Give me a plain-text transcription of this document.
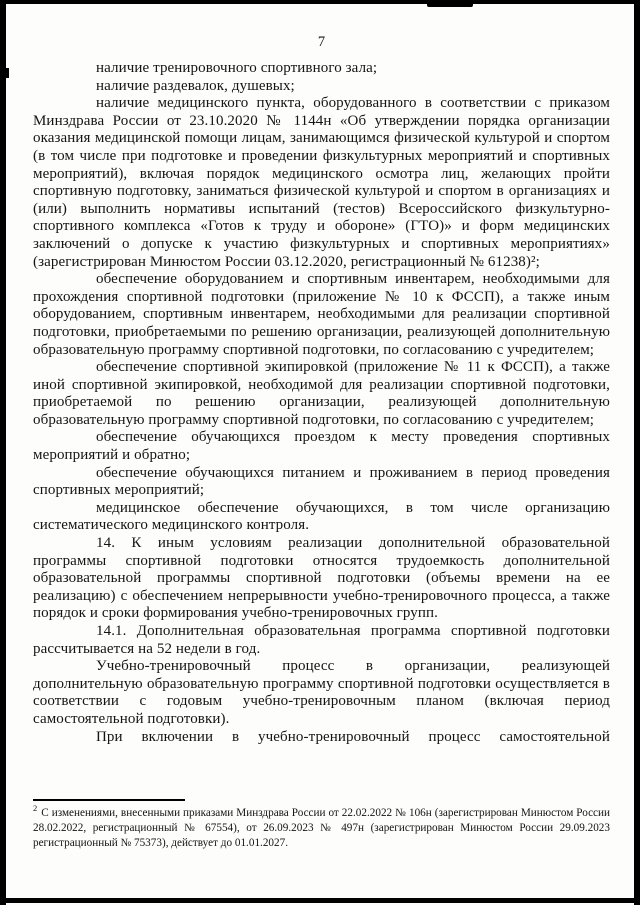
7

наличие тренировочного спортивного зала;

наличие раздевалок, душевых;

наличие медицинского пункта, оборудованного в соответствии с приказом Минздрава России от 23.10.2020 № 1144н «Об утверждении порядка организации оказания медицинской помощи лицам, занимающимся физической культурой и спортом (в том числе при подготовке и проведении физкультурных мероприятий и спортивных мероприятий), включая порядок медицинского осмотра лиц, желающих пройти спортивную подготовку, заниматься физической культурой и спортом в организациях и (или) выполнить нормативы испытаний (тестов) Всероссийского физкультурно-спортивного комплекса «Готов к труду и обороне» (ГТО)» и форм медицинских заключений о допуске к участию физкультурных и спортивных мероприятиях» (зарегистрирован Минюстом России 03.12.2020, регистрационный № 61238)²;

обеспечение оборудованием и спортивным инвентарем, необходимыми для прохождения спортивной подготовки (приложение № 10 к ФССП), а также иным оборудованием, спортивным инвентарем, необходимыми для реализации спортивной подготовки, приобретаемыми по решению организации, реализующей дополнительную образовательную программу спортивной подготовки, по согласованию с учредителем;

обеспечение спортивной экипировкой (приложение № 11 к ФССП), а также иной спортивной экипировкой, необходимой для реализации спортивной подготовки, приобретаемой по решению организации, реализующей дополнительную образовательную программу спортивной подготовки, по согласованию с учредителем;

обеспечение обучающихся проездом к месту проведения спортивных мероприятий и обратно;

обеспечение обучающихся питанием и проживанием в период проведения спортивных мероприятий;

медицинское обеспечение обучающихся, в том числе организацию систематического медицинского контроля.

14. К иным условиям реализации дополнительной образовательной программы спортивной подготовки относятся трудоемкость дополнительной образовательной программы спортивной подготовки (объемы времени на ее реализацию) с обеспечением непрерывности учебно-тренировочного процесса, а также порядок и сроки формирования учебно-тренировочных групп.

14.1. Дополнительная образовательная программа спортивной подготовки рассчитывается на 52 недели в год.

Учебно-тренировочный процесс в организации, реализующей дополнительную образовательную программу спортивной подготовки осуществляется в соответствии с годовым учебно-тренировочным планом (включая период самостоятельной подготовки).

При включении в учебно-тренировочный процесс самостоятельной

$^2$ С изменениями, внесенными приказами Минздрава России от 22.02.2022 № 106н (зарегистрирован Минюстом России 28.02.2022, регистрационный № 67554), от 26.09.2023 № 497н (зарегистрирован Минюстом России 29.09.2023 регистрационный № 75373), действует до 01.01.2027.
